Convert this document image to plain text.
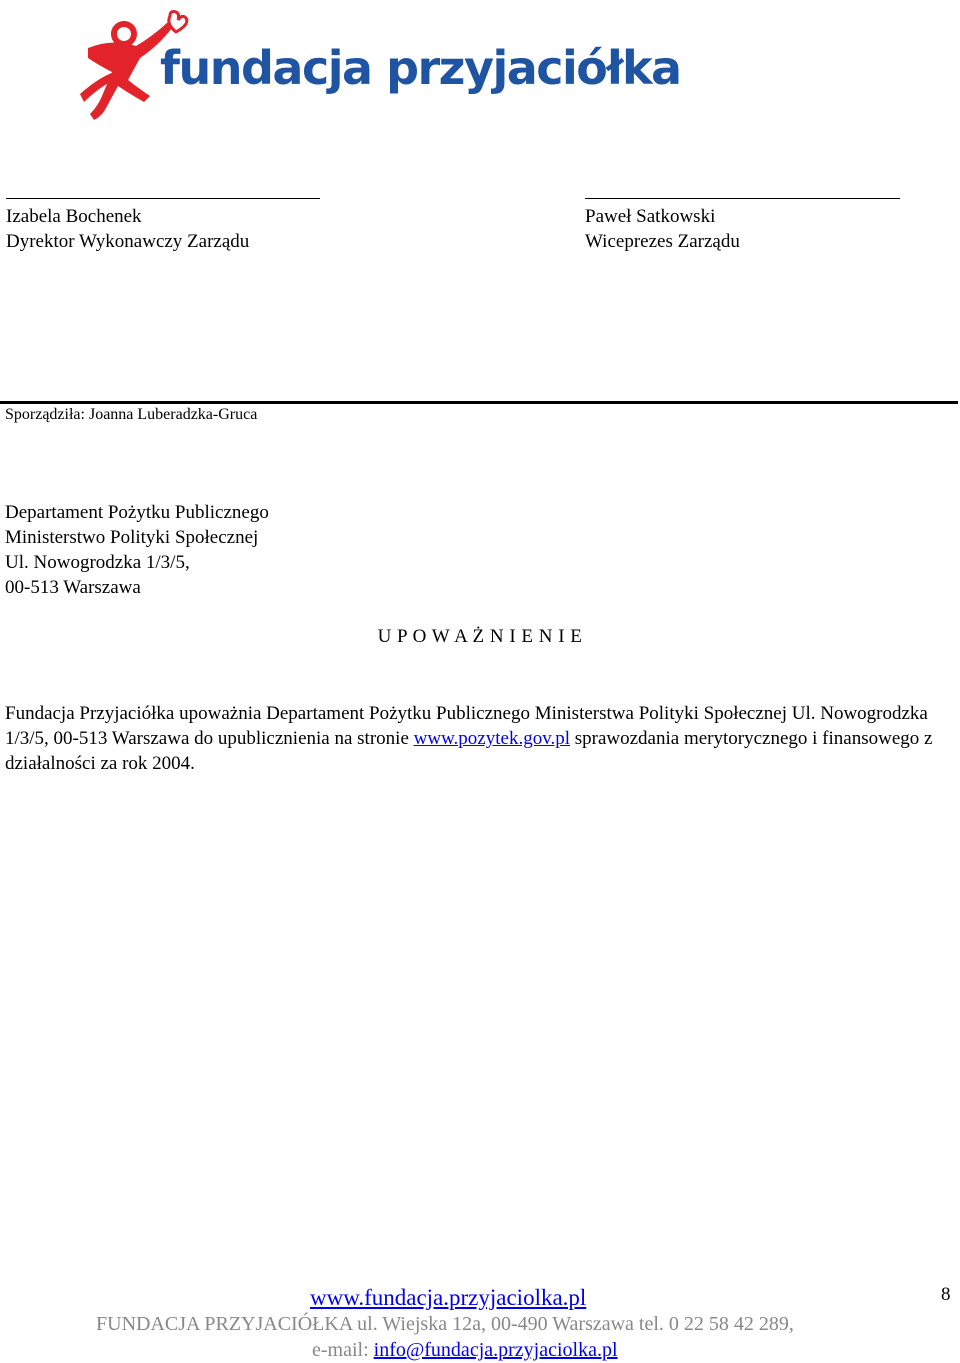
fundacja przyjaciółka
Izabela Bochenek
Dyrektor Wykonawczy Zarządu
Paweł Satkowski
Wiceprezes Zarządu
Sporządziła: Joanna Luberadzka-Gruca
Departament Pożytku Publicznego
Ministerstwo Polityki Społecznej
Ul. Nowogrodzka 1/3/5,
00-513 Warszawa
U P O W A Ż N I E N I E
Fundacja Przyjaciółka upoważnia Departament Pożytku Publicznego Ministerstwa Polityki Społecznej Ul. Nowogrodzka 1/3/5, 00-513 Warszawa do upublicznienia na stronie www.pozytek.gov.pl sprawozdania merytorycznego i finansowego z działalności za rok 2004.
www.fundacja.przyjaciolka.pl
FUNDACJA PRZYJACIÓŁKA ul. Wiejska 12a, 00-490 Warszawa tel. 0 22 58 42 289,
e-mail: info@fundacja.przyjaciolka.pl
8
